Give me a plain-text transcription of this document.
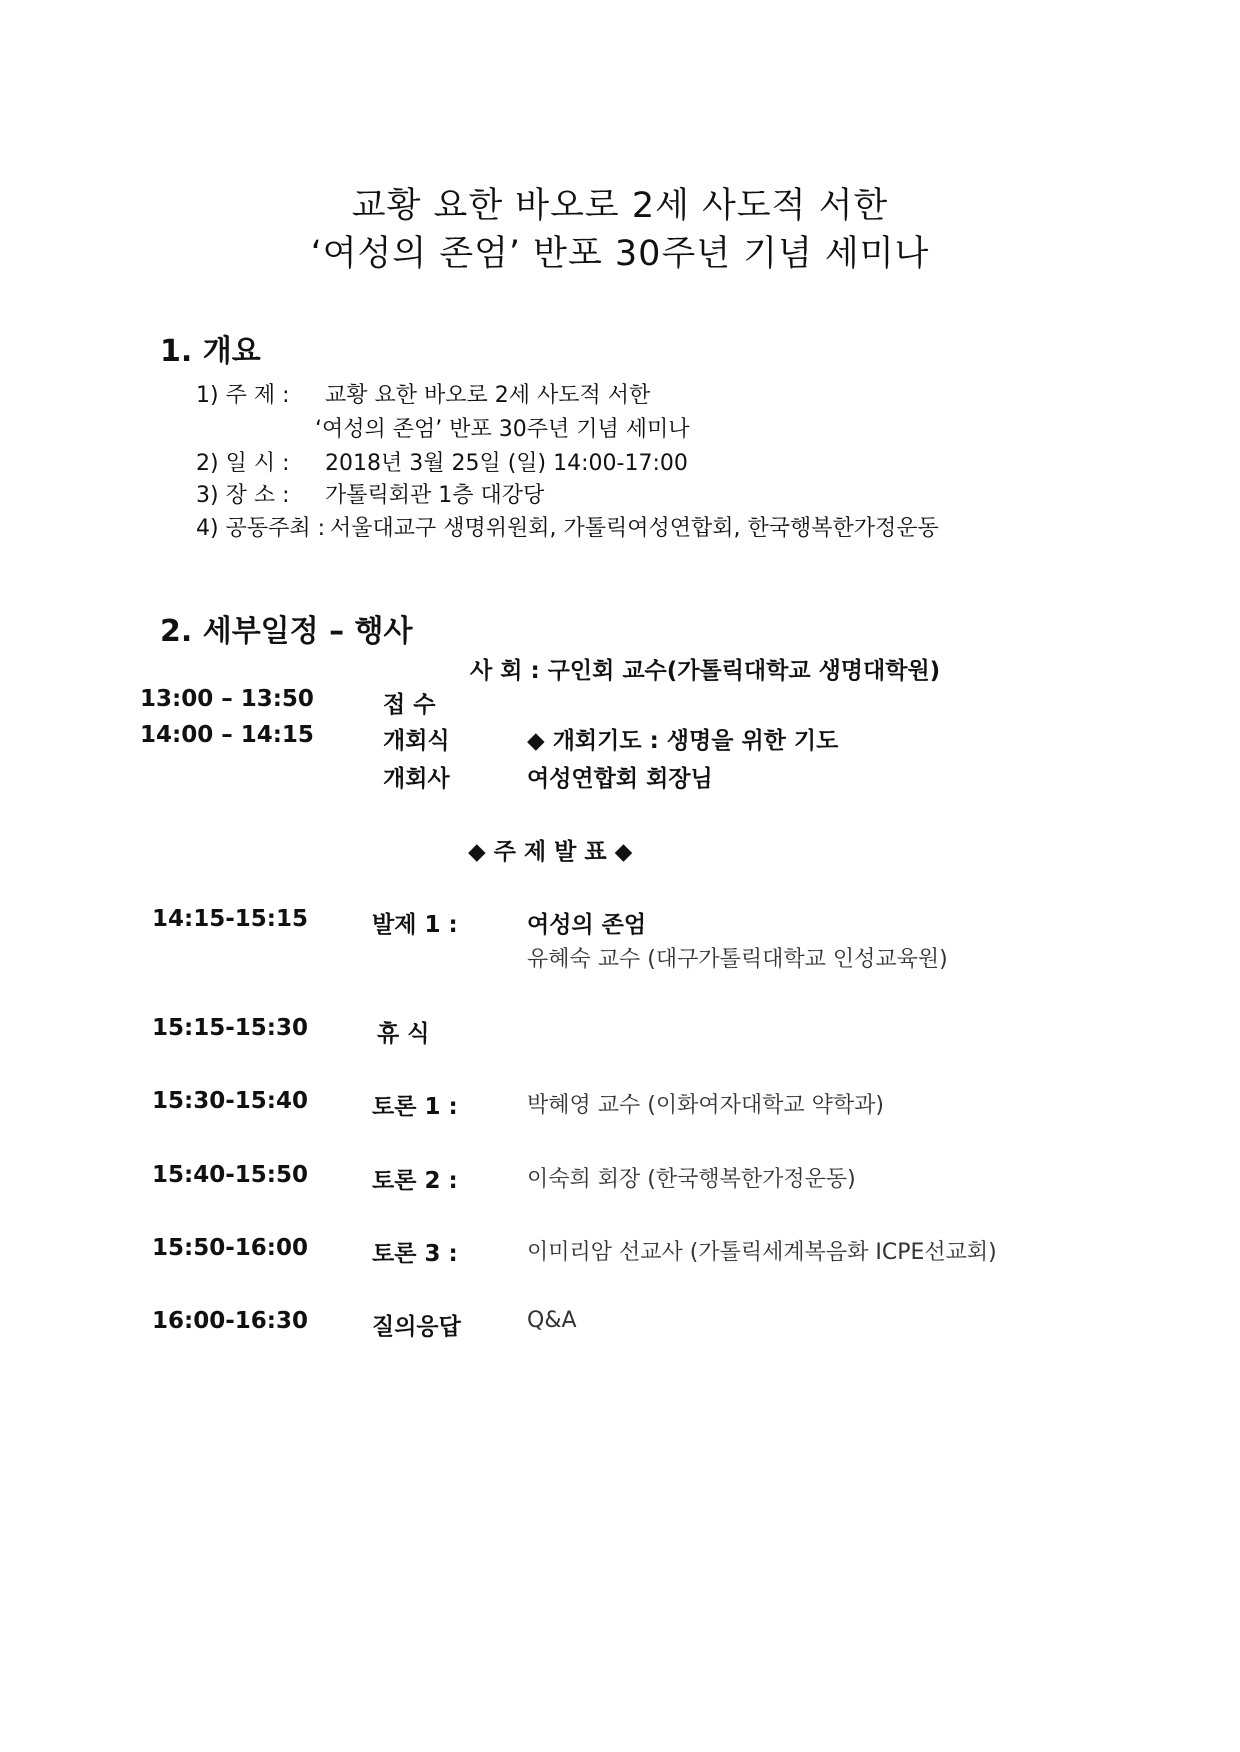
교황 요한 바오로 2세 사도적 서한
‘여성의 존엄’ 반포 30주년 기념 세미나
1. 개요
1) 주 제 : 교황 요한 바오로 2세 사도적 서한
‘여성의 존엄’ 반포 30주년 기념 세미나
2) 일 시 : 2018년 3월 25일 (일) 14:00-17:00
3) 장 소 : 가톨릭회관 1층 대강당
4) 공동주최 : 서울대교구 생명위원회, 가톨릭여성연합회, 한국행복한가정운동
2. 세부일정 – 행사
사 회 : 구인회 교수(가톨릭대학교 생명대학원)
13:00 – 13:50	접 수
14:00 – 14:15	개회식	◆ 개회기도 : 생명을 위한 기도
개회사	여성연합회 회장님
◆ 주 제 발 표 ◆
14:15-15:15	발제 1 :	여성의 존엄
유혜숙 교수 (대구가톨릭대학교 인성교육원)
15:15-15:30	휴 식
15:30-15:40	토론 1 :	박혜영 교수 (이화여자대학교 약학과)
15:40-15:50	토론 2 :	이숙희 회장 (한국행복한가정운동)
15:50-16:00	토론 3 :	이미리암 선교사 (가톨릭세계복음화 ICPE선교회)
16:00-16:30	질의응답	Q&A
